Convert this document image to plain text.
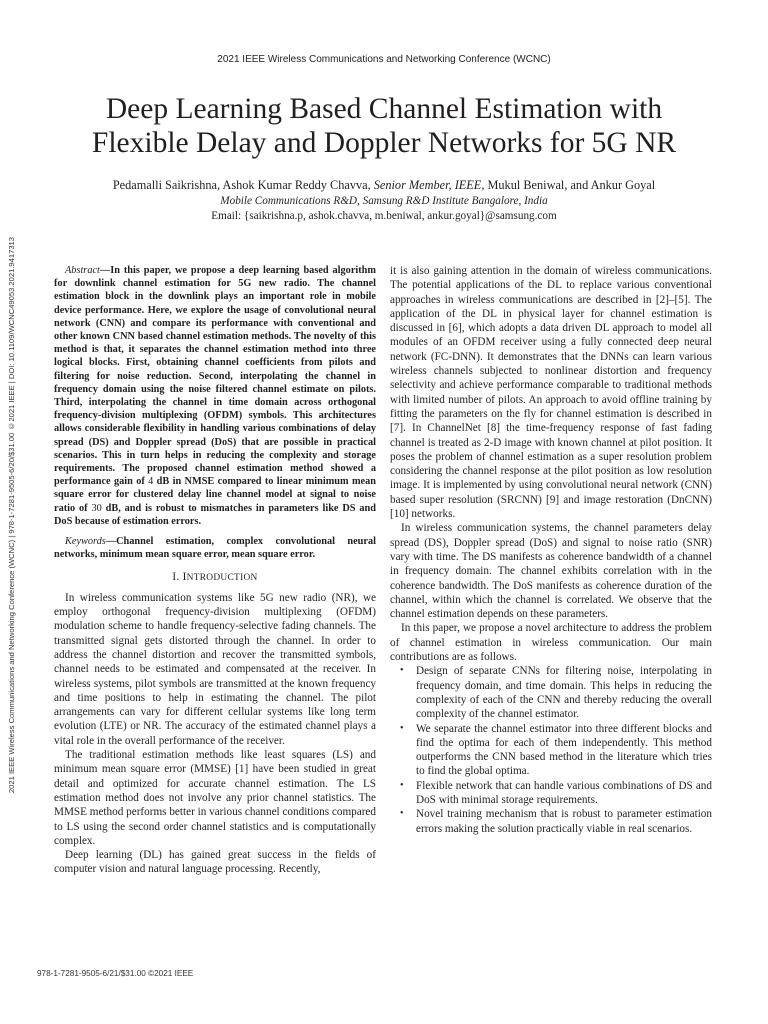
2021 IEEE Wireless Communications and Networking Conference (WCNC)
Deep Learning Based Channel Estimation with
Flexible Delay and Doppler Networks for 5G NR
Pedamalli Saikrishna, Ashok Kumar Reddy Chavva, Senior Member, IEEE, Mukul Beniwal, and Ankur Goyal
Mobile Communications R&D, Samsung R&D Institute Bangalore, India
Email: {saikrishna.p, ashok.chavva, m.beniwal, ankur.goyal}@samsung.com
2021 IEEE Wireless Communications and Networking Conference (WCNC) | 978-1-7281-9505-6/20/$31.00 ©2021 IEEE | DOI: 10.1109/WCNC49053.2021.9417313	Abstract—In this paper, we propose a deep learning based algorithm for downlink channel estimation for 5G new radio. The channel estimation block in the downlink plays an important role in mobile device performance. Here, we explore the usage of convolutional neural network (CNN) and compare its performance with conventional and other known CNN based channel estimation methods. The novelty of this method is that, it separates the channel estimation method into three logical blocks. First, obtaining channel coefficients from pilots and filtering for noise reduction. Second, interpolating the channel in frequency domain using the noise filtered channel estimate on pilots. Third, interpolating the channel in time domain across orthogonal frequency-division multiplexing (OFDM) symbols. This architectures allows considerable flexibility in handling various combinations of delay spread (DS) and Doppler spread (DoS) that are possible in practical scenarios. This in turn helps in reducing the complexity and storage requirements. The proposed channel estimation method showed a performance gain of 4 dB in NMSE compared to linear minimum mean square error for clustered delay line channel model at signal to noise ratio of 30 dB, and is robust to mismatches in parameters like DS and DoS because of estimation errors.

Keywords—Channel estimation, complex convolutional neural networks, minimum mean square error, mean square error.

I. INTRODUCTION

In wireless communication systems like 5G new radio (NR), we employ orthogonal frequency-division multiplexing (OFDM) modulation scheme to handle frequency-selective fading channels. The transmitted signal gets distorted through the channel. In order to address the channel distortion and recover the transmitted symbols, channel needs to be estimated and compensated at the receiver. In wireless systems, pilot symbols are transmitted at the known frequency and time positions to help in estimating the channel. The pilot arrangements can vary for different cellular systems like long term evolution (LTE) or NR. The accuracy of the estimated channel plays a vital role in the overall performance of the receiver.

The traditional estimation methods like least squares (LS) and minimum mean square error (MMSE) [1] have been studied in great detail and optimized for accurate channel estimation. The LS estimation method does not involve any prior channel statistics. The MMSE method performs better in various channel conditions compared to LS using the second order channel statistics and is computationally complex.

Deep learning (DL) has gained great success in the fields of computer vision and natural language processing. Recently,

it is also gaining attention in the domain of wireless communications. The potential applications of the DL to replace various conventional approaches in wireless communications are described in [2]–[5]. The application of the DL in physical layer for channel estimation is discussed in [6], which adopts a data driven DL approach to model all modules of an OFDM receiver using a fully connected deep neural network (FC-DNN). It demonstrates that the DNNs can learn various wireless channels subjected to nonlinear distortion and frequency selectivity and achieve performance comparable to traditional methods with limited number of pilots. An approach to avoid offline training by fitting the parameters on the fly for channel estimation is described in [7]. In ChannelNet [8] the time-frequency response of fast fading channel is treated as 2-D image with known channel at pilot position. It poses the problem of channel estimation as a super resolution problem considering the channel response at the pilot position as low resolution image. It is implemented by using convolutional neural network (CNN) based super resolution (SRCNN) [9] and image restoration (DnCNN) [10] networks.

In wireless communication systems, the channel parameters delay spread (DS), Doppler spread (DoS) and signal to noise ratio (SNR) vary with time. The DS manifests as coherence bandwidth of a channel in frequency domain. The channel exhibits correlation with in the coherence bandwidth. The DoS manifests as coherence duration of the channel, within which the channel is correlated. We observe that the channel estimation depends on these parameters.

In this paper, we propose a novel architecture to address the problem of channel estimation in wireless communication. Our main contributions are as follows.

• Design of separate CNNs for filtering noise, interpolating in frequency domain, and time domain. This helps in reducing the complexity of each of the CNN and thereby reducing the overall complexity of the channel estimator.
• We separate the channel estimator into three different blocks and find the optima for each of them independently. This method outperforms the CNN based method in the literature which tries to find the global optima.
• Flexible network that can handle various combinations of DS and DoS with minimal storage requirements.
• Novel training mechanism that is robust to parameter estimation errors making the solution practically viable in real scenarios.
978-1-7281-9505-6/21/$31.00 ©2021 IEEE
